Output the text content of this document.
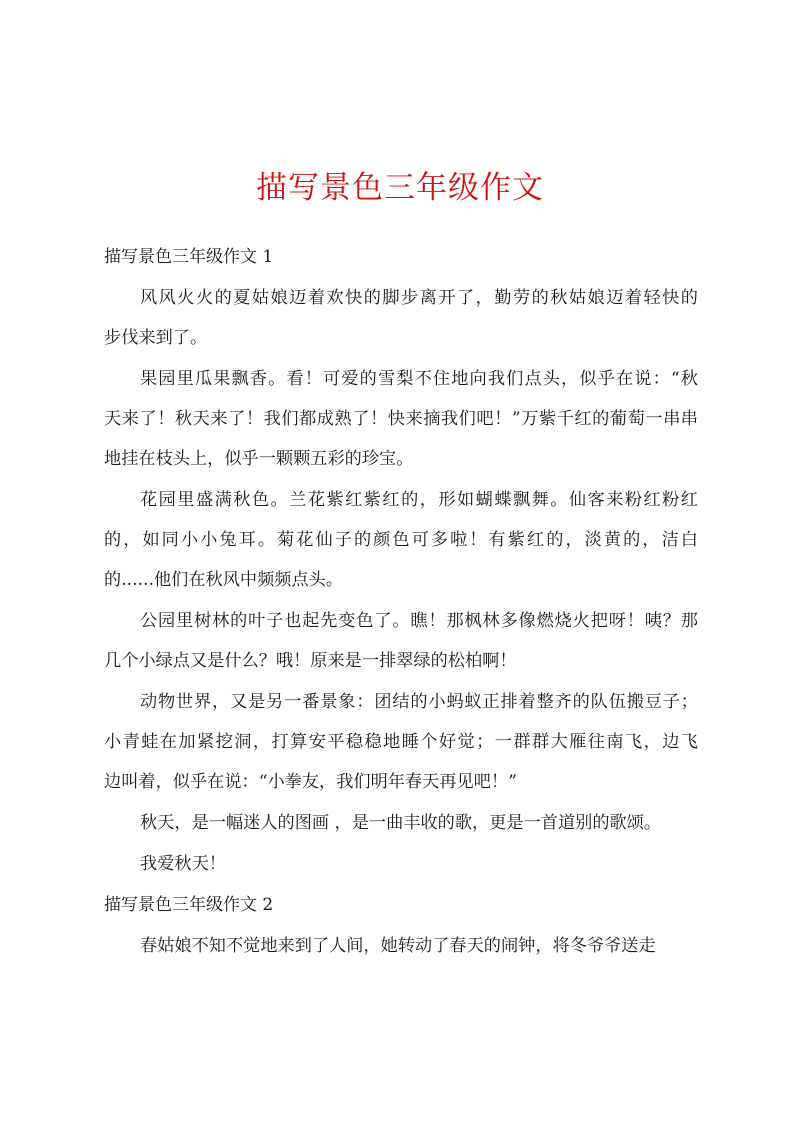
描写景色三年级作文
描写景色三年级作文 1
风风火火的夏姑娘迈着欢快的脚步离开了，勤劳的秋姑娘迈着轻快的
步伐来到了。
果园里瓜果飘香。看！可爱的雪梨不住地向我们点头，似乎在说：“秋
天来了！秋天来了！我们都成熟了！快来摘我们吧！”万紫千红的葡萄一串串
地挂在枝头上，似乎一颗颗五彩的珍宝。
花园里盛满秋色。兰花紫红紫红的，形如蝴蝶飘舞。仙客来粉红粉红
的，如同小小兔耳。菊花仙子的颜色可多啦！有紫红的，淡黄的，洁白
的......他们在秋风中频频点头。
公园里树林的叶子也起先变色了。瞧！那枫林多像燃烧火把呀！咦？那
几个小绿点又是什么？哦！原来是一排翠绿的松柏啊！
动物世界，又是另一番景象：团结的小蚂蚁正排着整齐的队伍搬豆子；
小青蛙在加紧挖洞，打算安平稳稳地睡个好觉；一群群大雁往南飞，边飞
边叫着，似乎在说：“小拳友，我们明年春天再见吧！”
秋天，是一幅迷人的图画 ，是一曲丰收的歌，更是一首道别的歌颂。
我爱秋天！
描写景色三年级作文 2
春姑娘不知不觉地来到了人间，她转动了春天的闹钟，将冬爷爷送走
